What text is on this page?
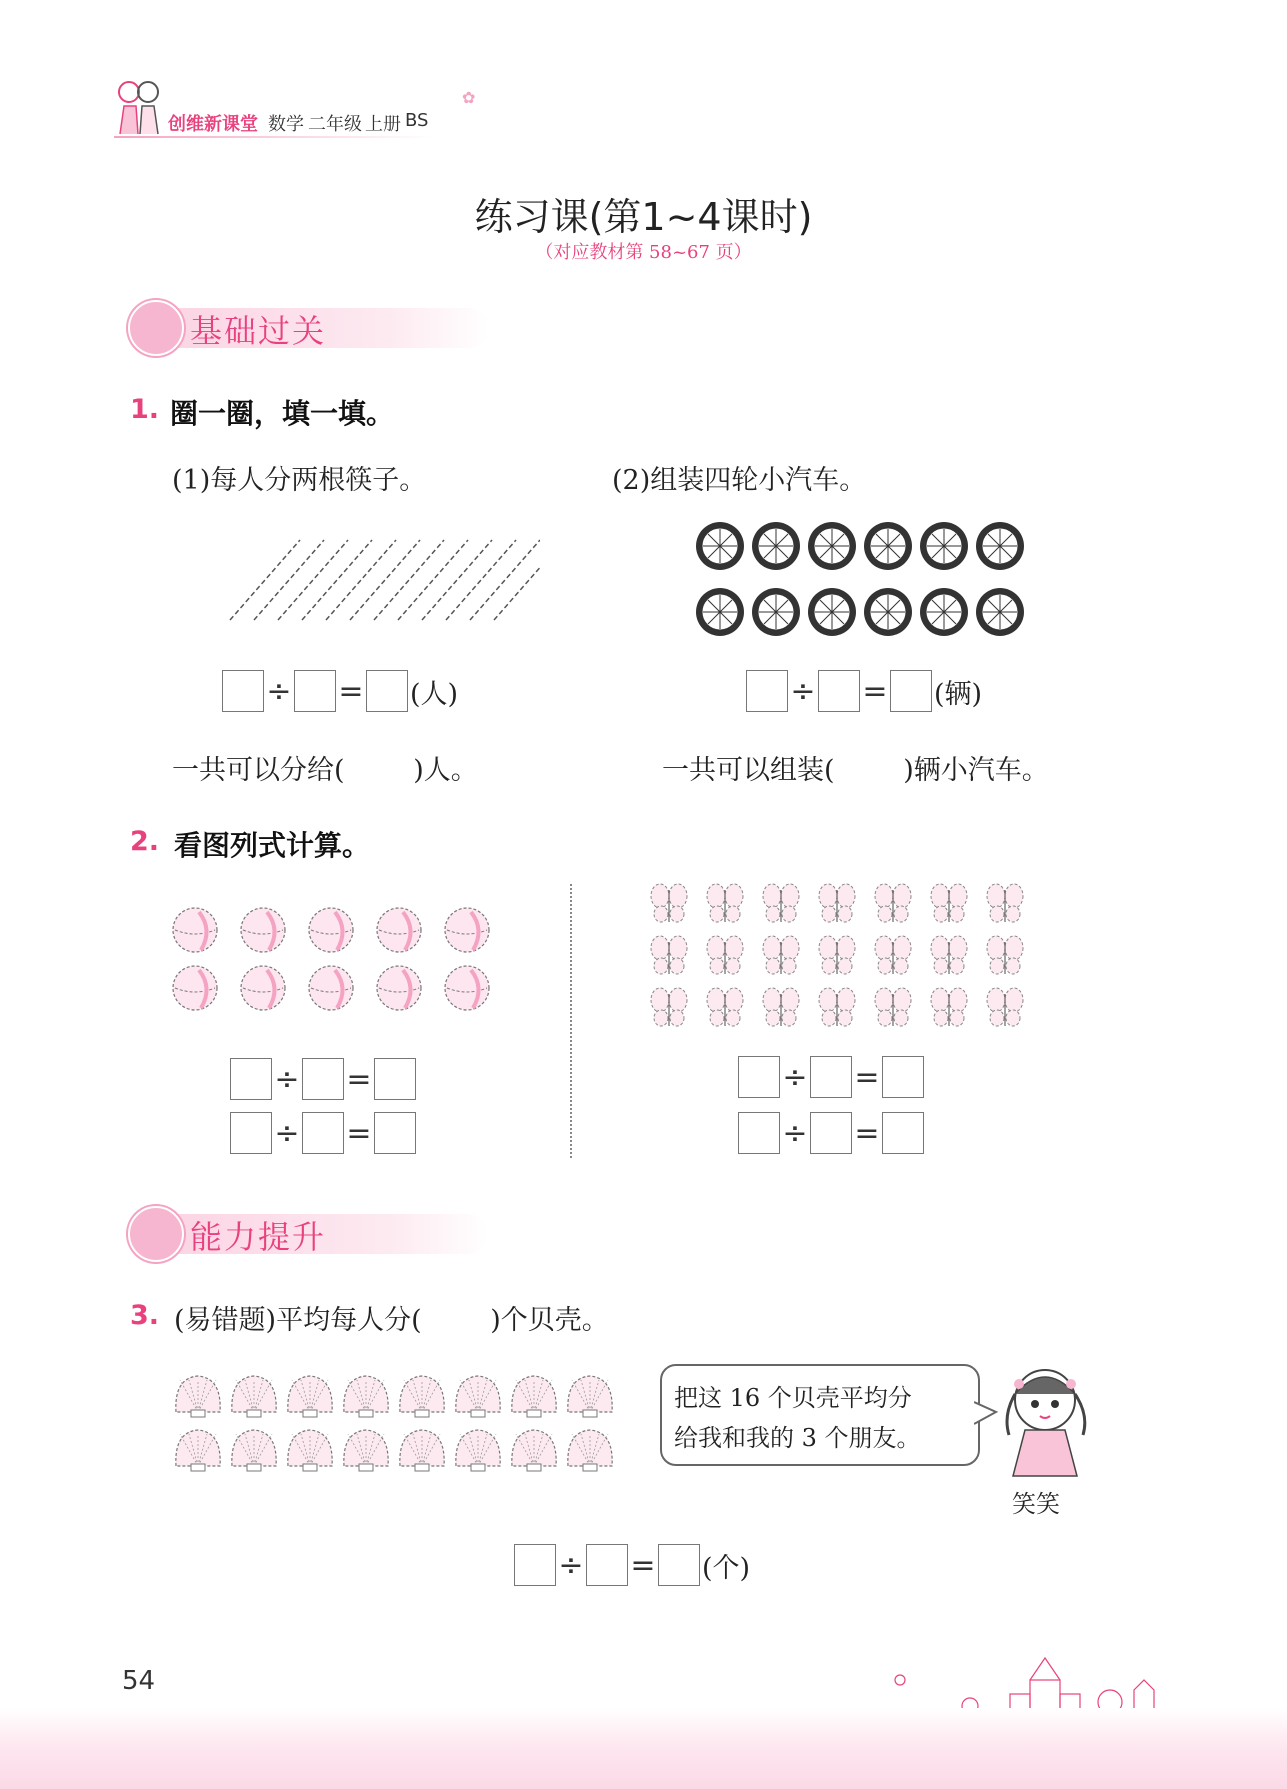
创维新课堂 数学 二年级 上册 BS
✿
练习课(第1~4课时)
（对应教材第 58~67 页）
基础过关
1. 圈一圈，填一填。
(1)每人分两根筷子。	(2)组装四轮小汽车。
÷ = (人)	÷ = (辆)
一共可以分给(        )人。	一共可以组装(        )辆小汽车。
2. 看图列式计算。
÷ =
÷ =
÷ =
÷ =
能力提升
3. (易错题)平均每人分(        )个贝壳。
把这 16 个贝壳平均分
给我和我的 3 个朋友。
笑笑
÷ = (个)
54
